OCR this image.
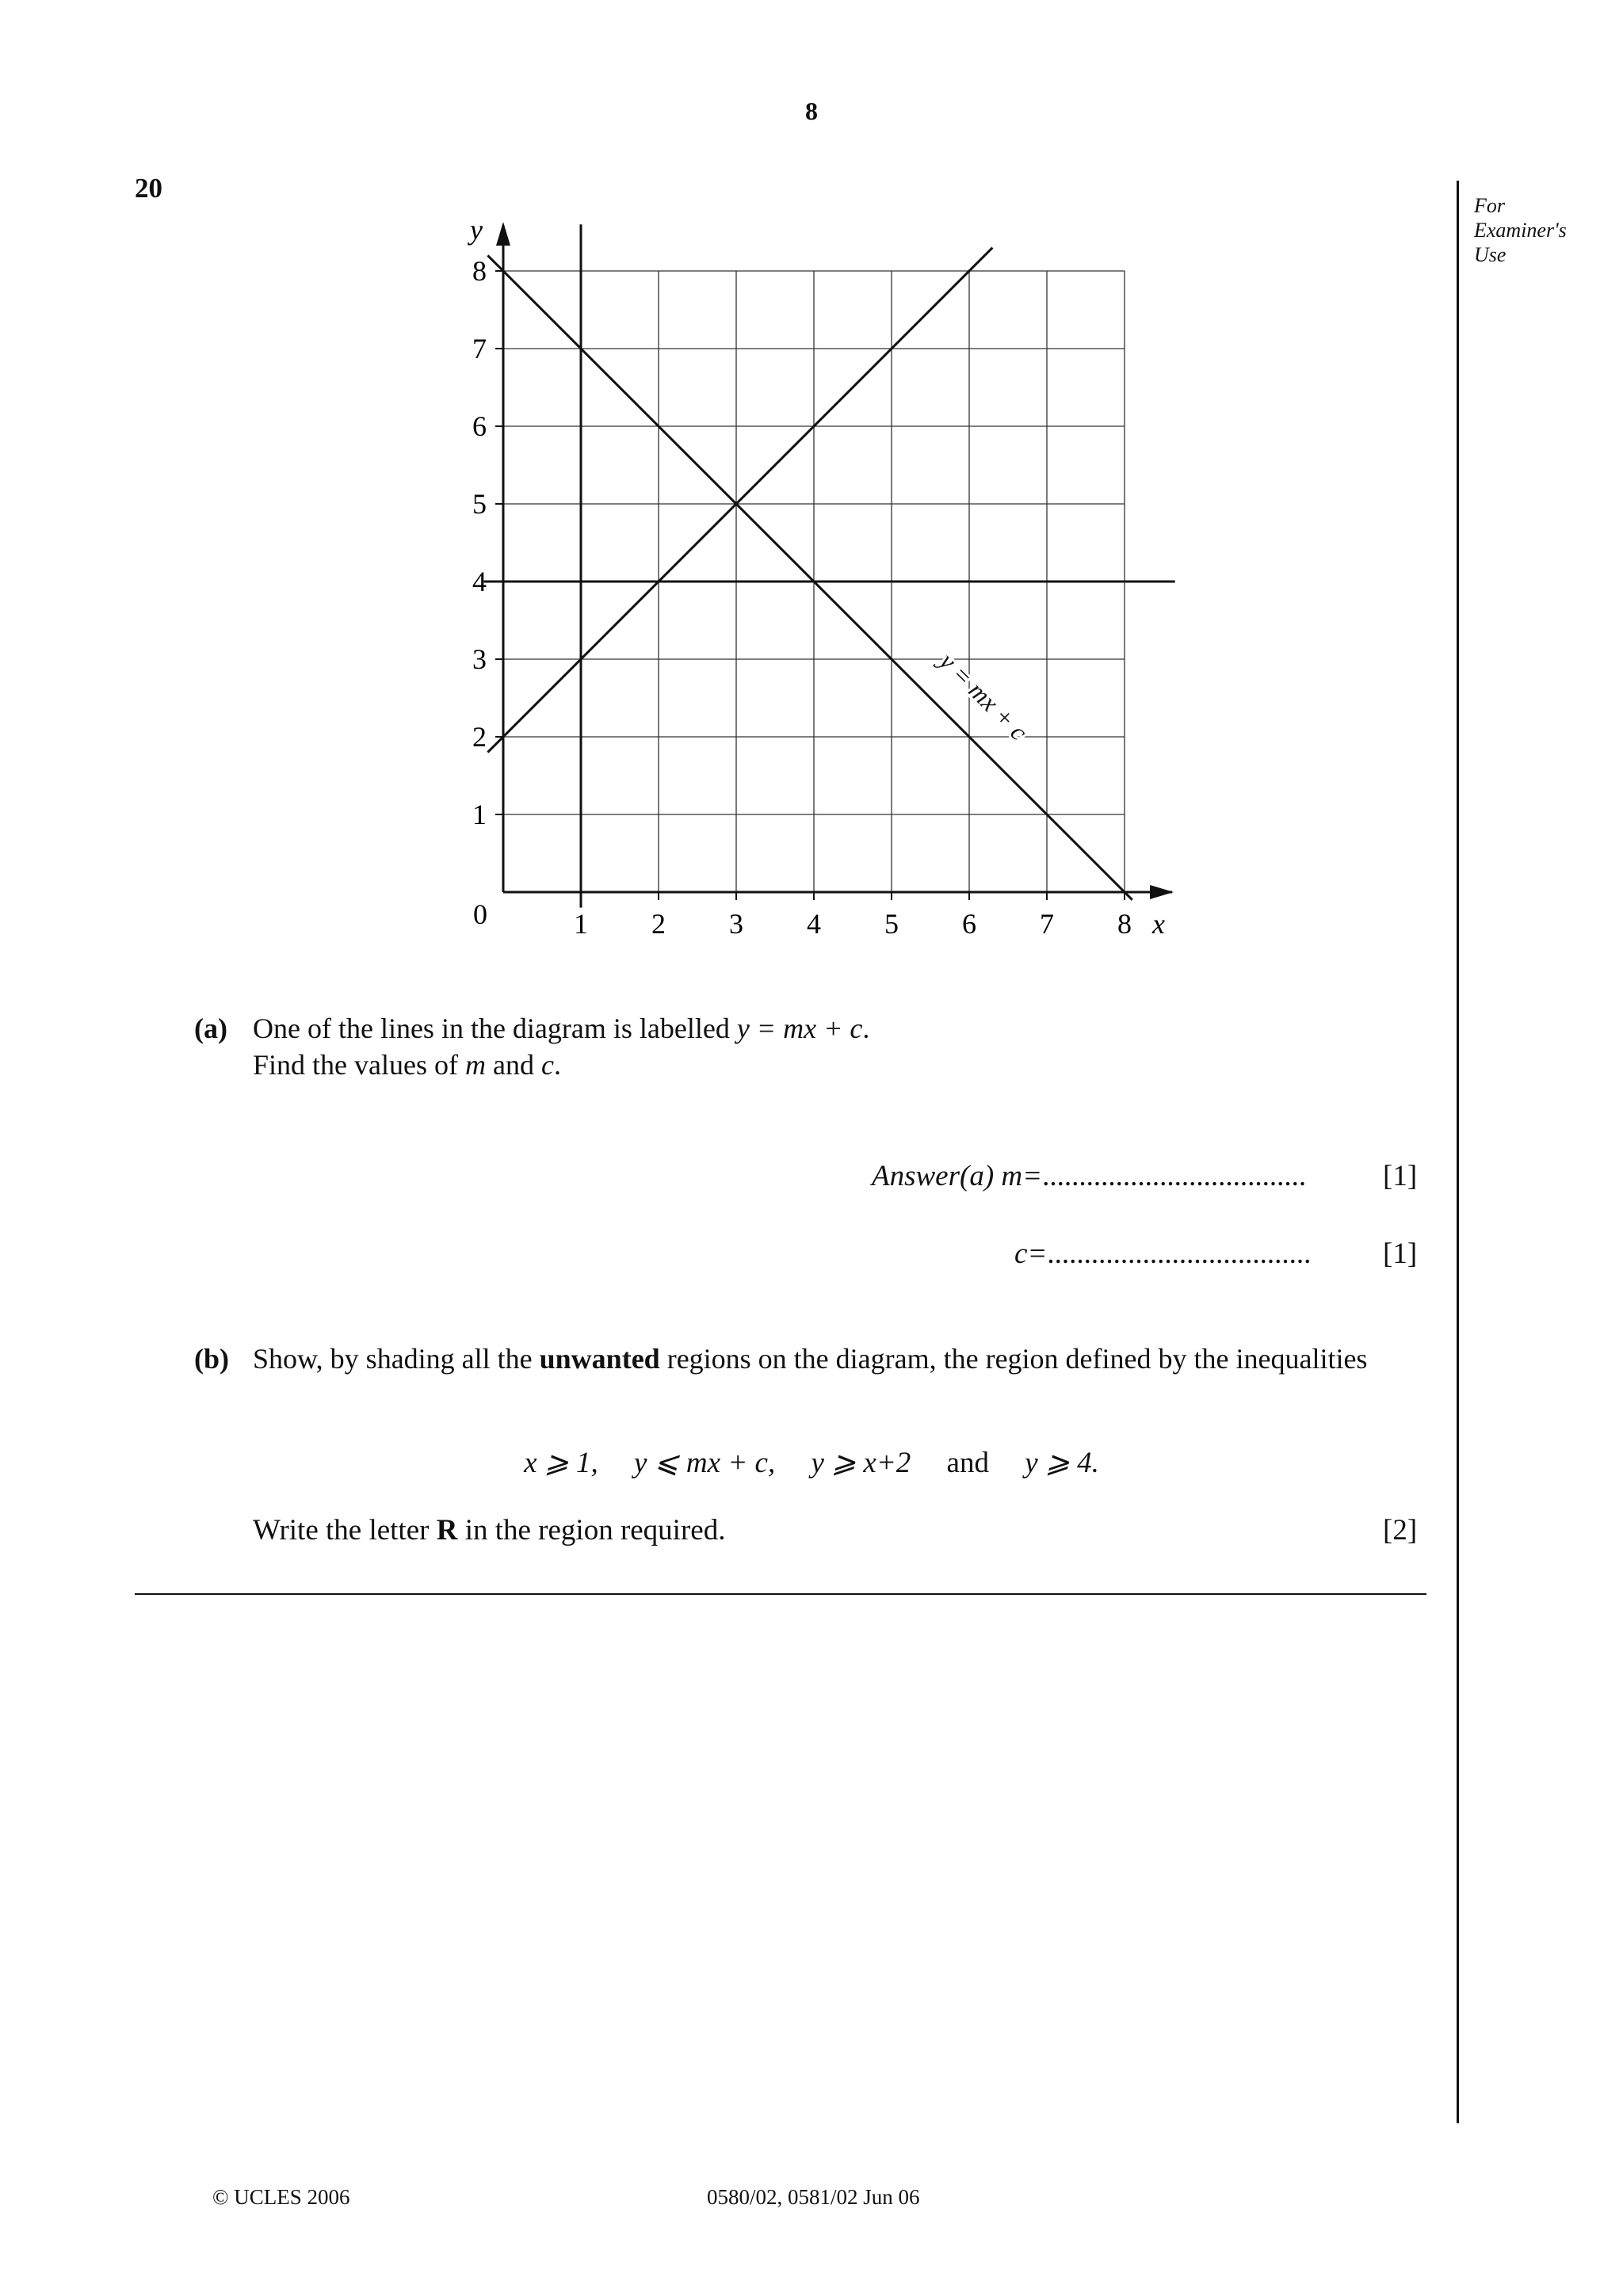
8
20
For
Examiner's
Use
1 2 3 4 5 6 7 8
1
2
3
4
5
6
7
8
y
x
0
y = mx + c
(a) One of the lines in the diagram is labelled y = mx + c.
Find the values of m and c.
Answer(a) m=....................................	[1]
c=.................................... [1]
(b) Show, by shading all the unwanted regions on the diagram, the region defined by the inequalities
x ⩾ 1, y ⩽ mx + c, y ⩾ x+2 and y ⩾ 4.
Write the letter R in the region required.	[2]
© UCLES 2006	0580/02, 0581/02 Jun 06
